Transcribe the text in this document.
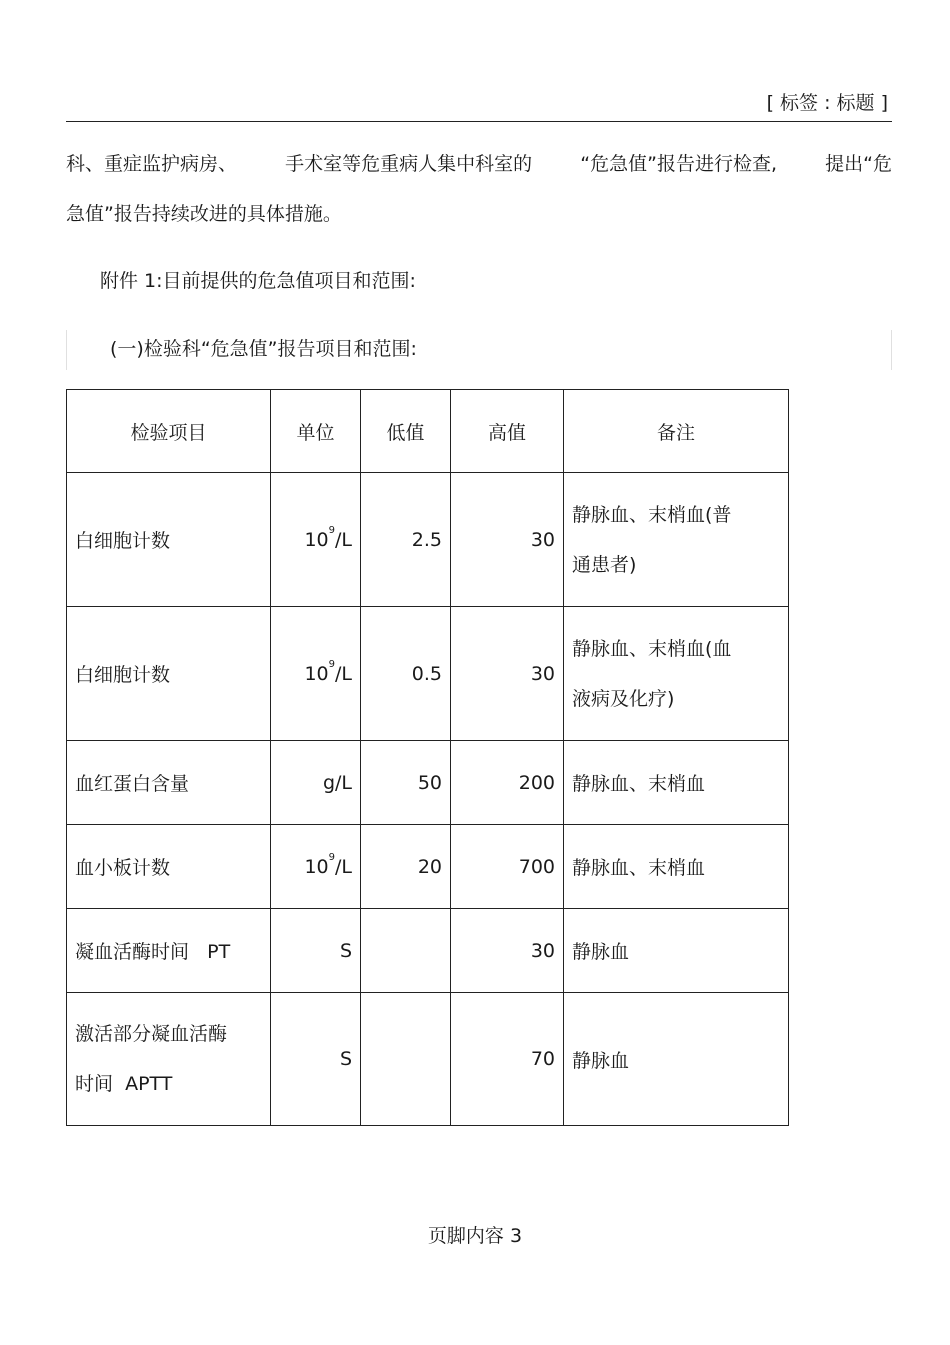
[ 标签 : 标题 ]
科、重症监护病房、	手术室等危重病人集中科室的	“危急值”报告进行检查,	提出“危
急值”报告持续改进的具体措施。
附件 1:目前提供的危急值项目和范围:
(一)检验科“危急值”报告项目和范围:
检验项目	单位	低值	高值	备注
白细胞计数	$10^9/L$	2.5	30	静脉血、末梢血(普
通患者)

白细胞计数	$10^9/L$	0.5	30	静脉血、末梢血(血
液病及化疗)

血红蛋白含量	g/L	50	200	静脉血、末梢血
血小板计数	$10^9/L$	20	700	静脉血、末梢血
凝血活酶时间   PT	S		30	静脉血

激活部分凝血活酶
时间  APTT	S		70	静脉血
页脚内容 3
